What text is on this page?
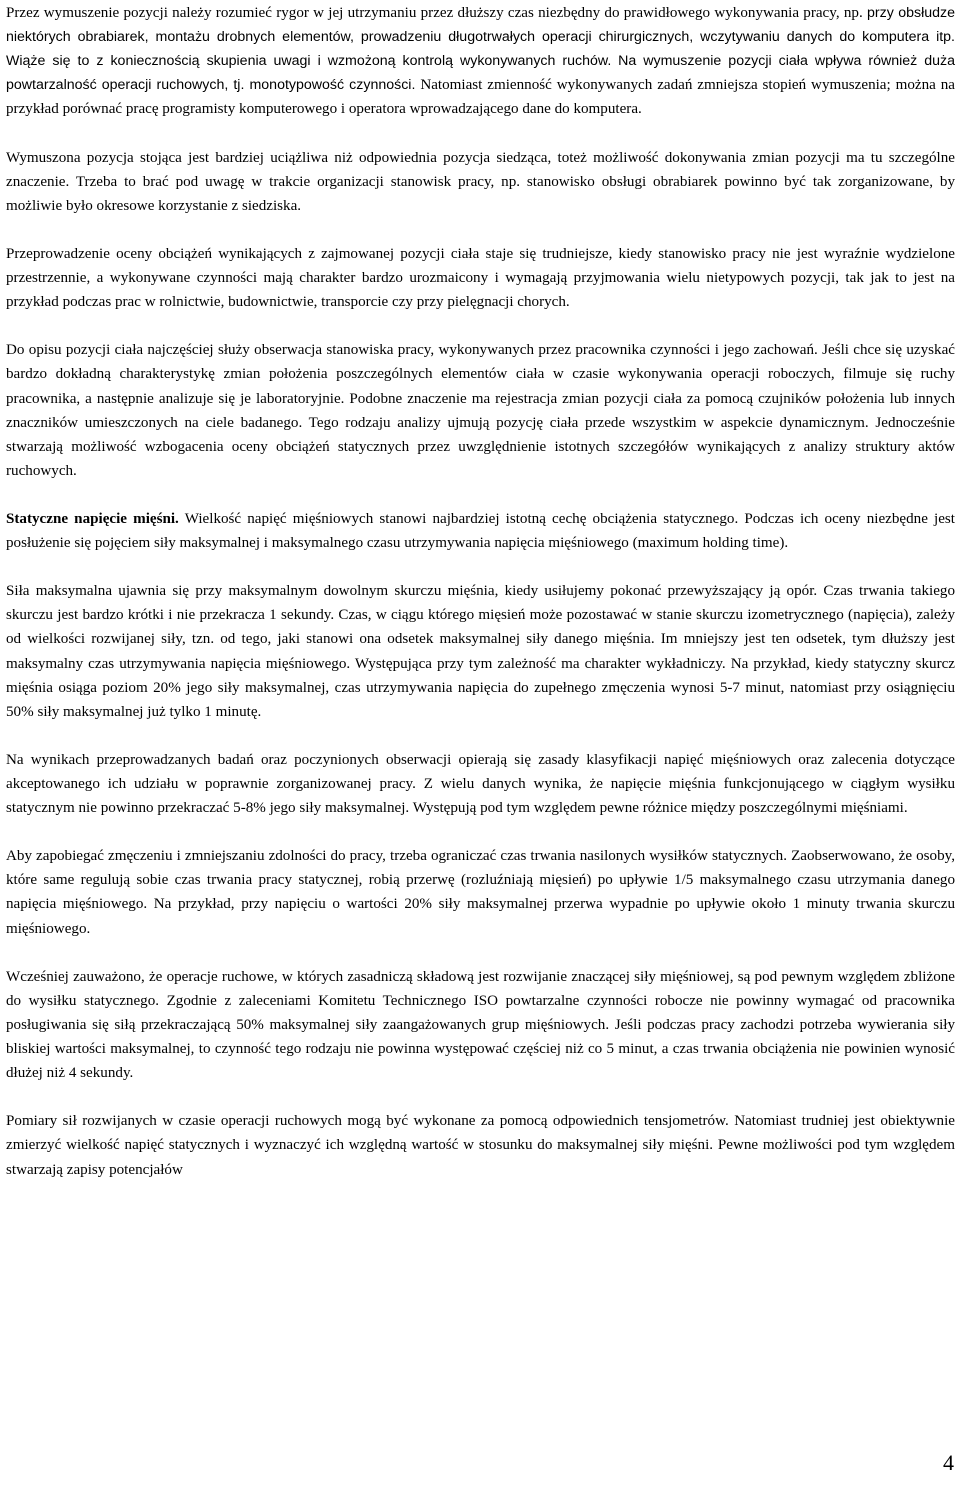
Przez wymuszenie pozycji należy rozumieć rygor w jej utrzymaniu przez dłuższy czas niezbędny do prawidłowego wykonywania pracy, np. przy obsłudze niektórych obrabiarek, montażu drobnych elementów, prowadzeniu długotrwałych operacji chirurgicznych, wczytywaniu danych do komputera itp. Wiąże się to z koniecznością skupienia uwagi i wzmożoną kontrolą wykonywanych ruchów. Na wymuszenie pozycji ciała wpływa również duża powtarzalność operacji ruchowych, tj. monotypowość czynności. Natomiast zmienność wykonywanych zadań zmniejsza stopień wymuszenia; można na przykład porównać pracę programisty komputerowego i operatora wprowadzającego dane do komputera.

Wymuszona pozycja stojąca jest bardziej uciążliwa niż odpowiednia pozycja siedząca, toteż możliwość dokonywania zmian pozycji ma tu szczególne znaczenie. Trzeba to brać pod uwagę w trakcie organizacji stanowisk pracy, np. stanowisko obsługi obrabiarek powinno być tak zorganizowane, by możliwie było okresowe korzystanie z siedziska.

Przeprowadzenie oceny obciążeń wynikających z zajmowanej pozycji ciała staje się trudniejsze, kiedy stanowisko pracy nie jest wyraźnie wydzielone przestrzennie, a wykonywane czynności mają charakter bardzo urozmaicony i wymagają przyjmowania wielu nietypowych pozycji, tak jak to jest na przykład podczas prac w rolnictwie, budownictwie, transporcie czy przy pielęgnacji chorych.

Do opisu pozycji ciała najczęściej służy obserwacja stanowiska pracy, wykonywanych przez pracownika czynności i jego zachowań. Jeśli chce się uzyskać bardzo dokładną charakterystykę zmian położenia poszczególnych elementów ciała w czasie wykonywania operacji roboczych, filmuje się ruchy pracownika, a następnie analizuje się je laboratoryjnie. Podobne znaczenie ma rejestracja zmian pozycji ciała za pomocą czujników położenia lub innych znaczników umieszczonych na ciele badanego. Tego rodzaju analizy ujmują pozycję ciała przede wszystkim w aspekcie dynamicznym. Jednocześnie stwarzają możliwość wzbogacenia oceny obciążeń statycznych przez uwzględnienie istotnych szczegółów wynikających z analizy struktury aktów ruchowych.

Statyczne napięcie mięśni. Wielkość napięć mięśniowych stanowi najbardziej istotną cechę obciążenia statycznego. Podczas ich oceny niezbędne jest posłużenie się pojęciem siły maksymalnej i maksymalnego czasu utrzymywania napięcia mięśniowego (maximum holding time).

Siła maksymalna ujawnia się przy maksymalnym dowolnym skurczu mięśnia, kiedy usiłujemy pokonać przewyższający ją opór. Czas trwania takiego skurczu jest bardzo krótki i nie przekracza 1 sekundy. Czas, w ciągu którego mięsień może pozostawać w stanie skurczu izometrycznego (napięcia), zależy od wielkości rozwijanej siły, tzn. od tego, jaki stanowi ona odsetek maksymalnej siły danego mięśnia. Im mniejszy jest ten odsetek, tym dłuższy jest maksymalny czas utrzymywania napięcia mięśniowego. Występująca przy tym zależność ma charakter wykładniczy. Na przykład, kiedy statyczny skurcz mięśnia osiąga poziom 20% jego siły maksymalnej, czas utrzymywania napięcia do zupełnego zmęczenia wynosi 5-7 minut, natomiast przy osiągnięciu 50% siły maksymalnej już tylko 1 minutę.

Na wynikach przeprowadzanych badań oraz poczynionych obserwacji opierają się zasady klasyfikacji napięć mięśniowych oraz zalecenia dotyczące akceptowanego ich udziału w poprawnie zorganizowanej pracy. Z wielu danych wynika, że napięcie mięśnia funkcjonującego w ciągłym wysiłku statycznym nie powinno przekraczać 5-8% jego siły maksymalnej. Występują pod tym względem pewne różnice między poszczególnymi mięśniami.

Aby zapobiegać zmęczeniu i zmniejszaniu zdolności do pracy, trzeba ograniczać czas trwania nasilonych wysiłków statycznych. Zaobserwowano, że osoby, które same regulują sobie czas trwania pracy statycznej, robią przerwę (rozluźniają mięsień) po upływie 1/5 maksymalnego czasu utrzymania danego napięcia mięśniowego. Na przykład, przy napięciu o wartości 20% siły maksymalnej przerwa wypadnie po upływie około 1 minuty trwania skurczu mięśniowego.

Wcześniej zauważono, że operacje ruchowe, w których zasadniczą składową jest rozwijanie znaczącej siły mięśniowej, są pod pewnym względem zbliżone do wysiłku statycznego. Zgodnie z zaleceniami Komitetu Technicznego ISO powtarzalne czynności robocze nie powinny wymagać od pracownika posługiwania się siłą przekraczającą 50% maksymalnej siły zaangażowanych grup mięśniowych. Jeśli podczas pracy zachodzi potrzeba wywierania siły bliskiej wartości maksymalnej, to czynność tego rodzaju nie powinna występować częściej niż co 5 minut, a czas trwania obciążenia nie powinien wynosić dłużej niż 4 sekundy.

Pomiary sił rozwijanych w czasie operacji ruchowych mogą być wykonane za pomocą odpowiednich tensjometrów. Natomiast trudniej jest obiektywnie zmierzyć wielkość napięć statycznych i wyznaczyć ich względną wartość w stosunku do maksymalnej siły mięśni. Pewne możliwości pod tym względem stwarzają zapisy potencjałów

4
